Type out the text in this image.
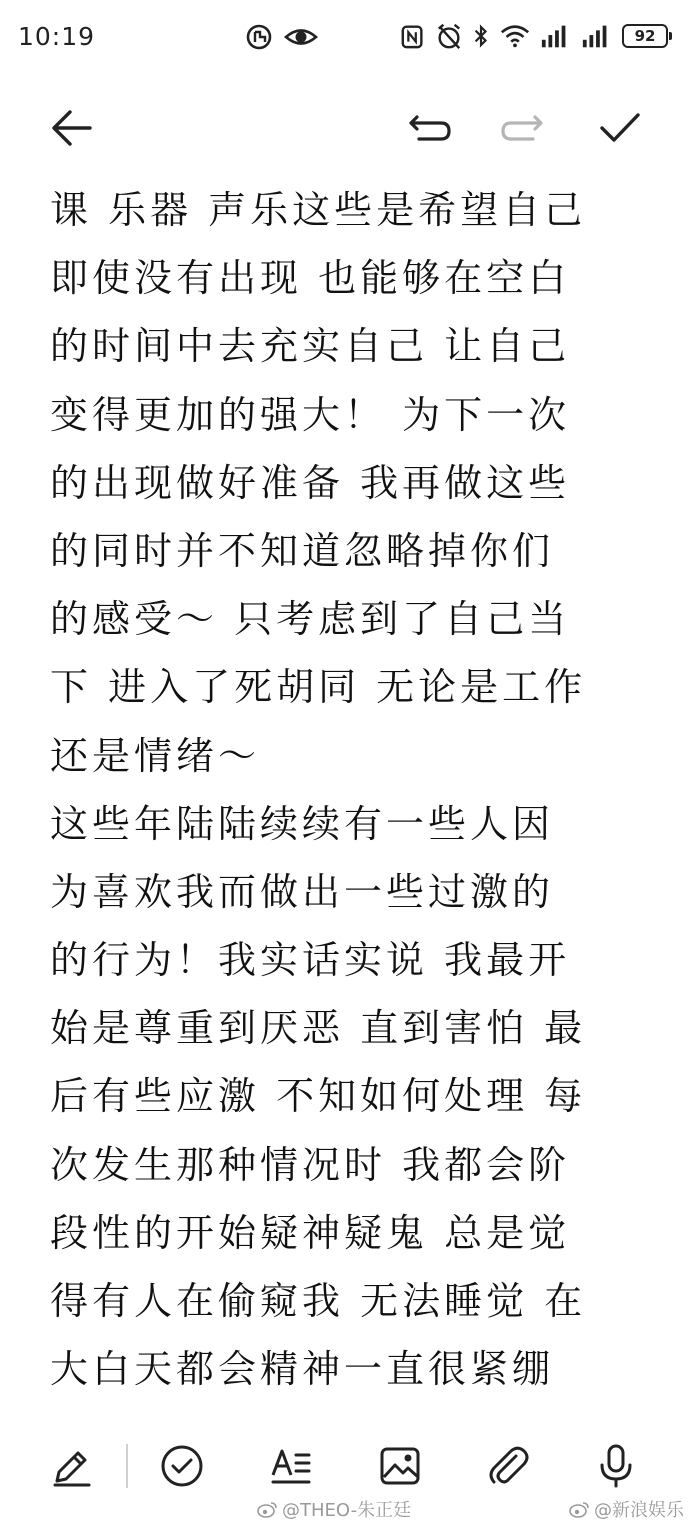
10:19	92
课 乐器 声乐这些是希望自己
即使没有出现 也能够在空白
的时间中去充实自己 让自己
变得更加的强大！ 为下一次
的出现做好准备 我再做这些
的同时并不知道忽略掉你们
的感受～ 只考虑到了自己当
下 进入了死胡同 无论是工作
还是情绪～
这些年陆陆续续有一些人因
为喜欢我而做出一些过激的
的行为！我实话实说 我最开
始是尊重到厌恶 直到害怕 最
后有些应激 不知如何处理 每
次发生那种情况时 我都会阶
段性的开始疑神疑鬼 总是觉
得有人在偷窥我 无法睡觉 在
大白天都会精神一直很紧绷
@THEO-朱正廷	@新浪娱乐
